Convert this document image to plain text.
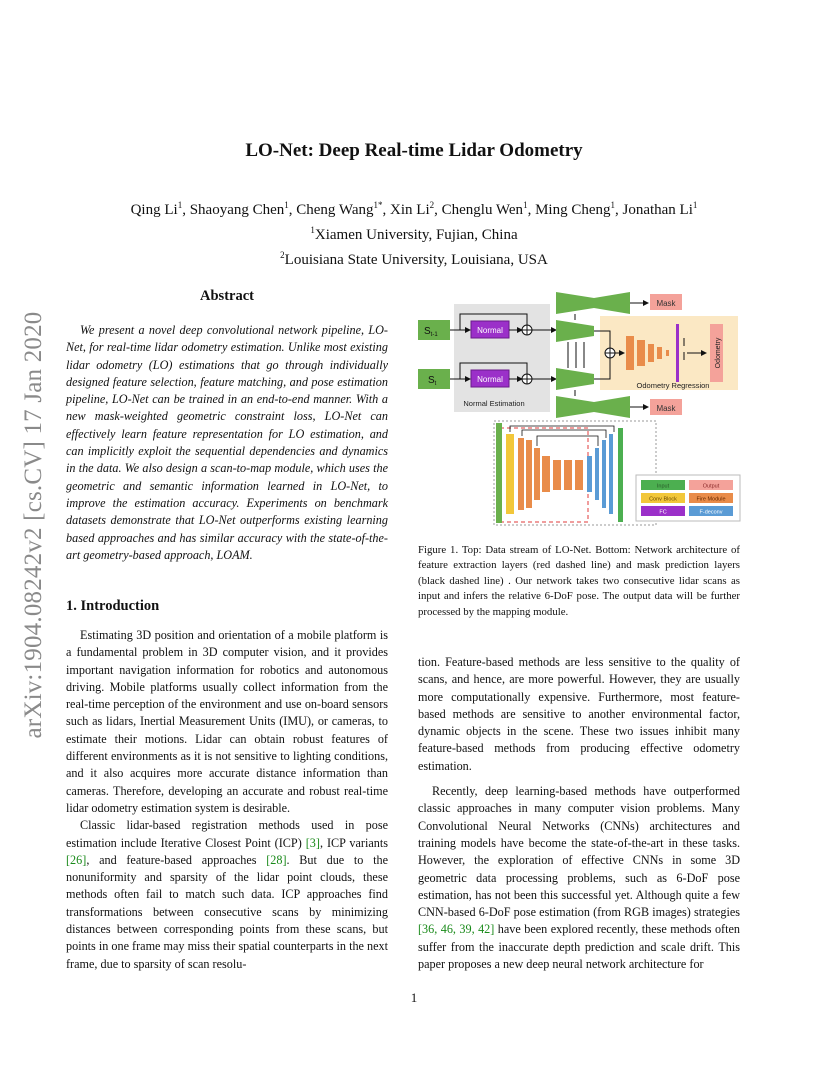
arXiv:1904.08242v2 [cs.CV] 17 Jan 2020
LO-Net: Deep Real-time Lidar Odometry
Qing Li$^1$, Shaoyang Chen$^1$, Cheng Wang$^{1*}$, Xin Li$^2$, Chenglu Wen$^1$, Ming Cheng$^1$, Jonathan Li$^1$
$^1$Xiamen University, Fujian, China
$^2$Louisiana State University, Louisiana, USA
Abstract

We present a novel deep convolutional network pipeline, LO-Net, for real-time lidar odometry estimation. Unlike most existing lidar odometry (LO) estimations that go through individually designed feature selection, feature matching, and pose estimation pipeline, LO-Net can be trained in an end-to-end manner. With a new mask-weighted geometric constraint loss, LO-Net can effectively learn feature representation for LO estimation, and can implicitly exploit the sequential dependencies and dynamics in the data. We also design a scan-to-map module, which uses the geometric and semantic information learned in LO-Net, to improve the estimation accuracy. Experiments on benchmark datasets demonstrate that LO-Net outperforms existing learning based approaches and has similar accuracy with the state-of-the-art geometry-based approach, LOAM.

1. Introduction

Estimating 3D position and orientation of a mobile platform is a fundamental problem in 3D computer vision, and it provides important navigation information for robotics and autonomous driving. Mobile platforms usually collect information from the real-time perception of the environment and use on-board sensors such as lidars, Inertial Measurement Units (IMU), or cameras, to estimate their motions. Lidar can obtain robust features of different environments as it is not sensitive to lighting conditions, and it also acquires more accurate distance information than cameras. Therefore, developing an accurate and robust real-time lidar odometry estimation system is desirable.

Classic lidar-based registration methods used in pose estimation include Iterative Closest Point (ICP) [3], ICP variants [26], and feature-based approaches [28]. But due to the nonuniformity and sparsity of the lidar point clouds, these methods often fail to match such data. ICP approaches find transformations between consecutive scans by minimizing distances between corresponding points from these scans, but points in one frame may miss their spatial counterparts in the next frame, due to sparsity of scan resolu-

$S_{t-1}$
$S_t$
Normal
Normal
Normal Estimation
Mask
Mask
Odometry
Odometry Regression
Input	Output
Conv Block	Fire Module
FC	F-deconv
Figure 1. Top: Data stream of LO-Net. Bottom: Network architecture of feature extraction layers (red dashed line) and mask prediction layers (black dashed line) . Our network takes two consecutive lidar scans as input and infers the relative 6-DoF pose. The output data will be further processed by the mapping module.

tion. Feature-based methods are less sensitive to the quality of scans, and hence, are more powerful. However, they are usually more computationally expensive. Furthermore, most feature-based methods are sensitive to another environmental factor, dynamic objects in the scene. These two issues inhibit many feature-based methods from producing effective odometry estimation.

Recently, deep learning-based methods have outperformed classic approaches in many computer vision problems. Many Convolutional Neural Networks (CNNs) architectures and training models have become the state-of-the-art in these tasks. However, the exploration of effective CNNs in some 3D geometric data processing problems, such as 6-DoF pose estimation, has not been this successful yet. Although quite a few CNN-based 6-DoF pose estimation (from RGB images) strategies [36, 46, 39, 42] have been explored recently, these methods often suffer from the inaccurate depth prediction and scale drift. This paper proposes a new deep neural network architecture for

1
